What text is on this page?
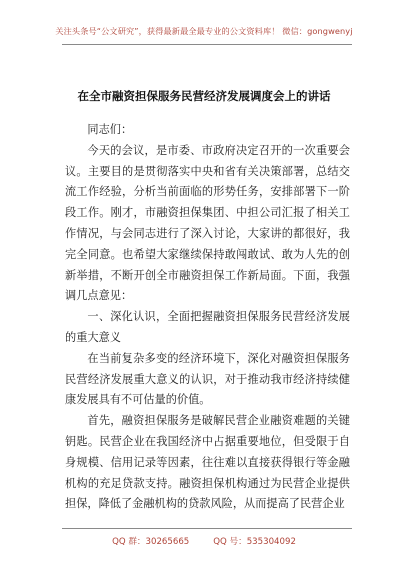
关注头条号“公文研究”，获得最新最全最专业的公文资料库！ 微信：gongwenyj
在全市融资担保服务民营经济发展调度会上的讲话

同志们：

今天的会议，是市委、市政府决定召开的一次重要会议。主要目的是贯彻落实中央和省有关决策部署，总结交流工作经验，分析当前面临的形势任务，安排部署下一阶段工作。刚才，市融资担保集团、中担公司汇报了相关工作情况，与会同志进行了深入讨论，大家讲的都很好，我完全同意。也希望大家继续保持敢闯敢试、敢为人先的创新举措，不断开创全市融资担保工作新局面。下面，我强调几点意见：

一、深化认识，全面把握融资担保服务民营经济发展的重大意义

在当前复杂多变的经济环境下，深化对融资担保服务民营经济发展重大意义的认识，对于推动我市经济持续健康发展具有不可估量的价值。

首先，融资担保服务是破解民营企业融资难题的关键钥匙。民营企业在我国经济中占据重要地位，但受限于自身规模、信用记录等因素，往往难以直接获得银行等金融机构的充足贷款支持。融资担保机构通过为民营企业提供担保，降低了金融机构的贷款风险，从而提高了民营企业

QQ 群：30265665	QQ 号：535304092
